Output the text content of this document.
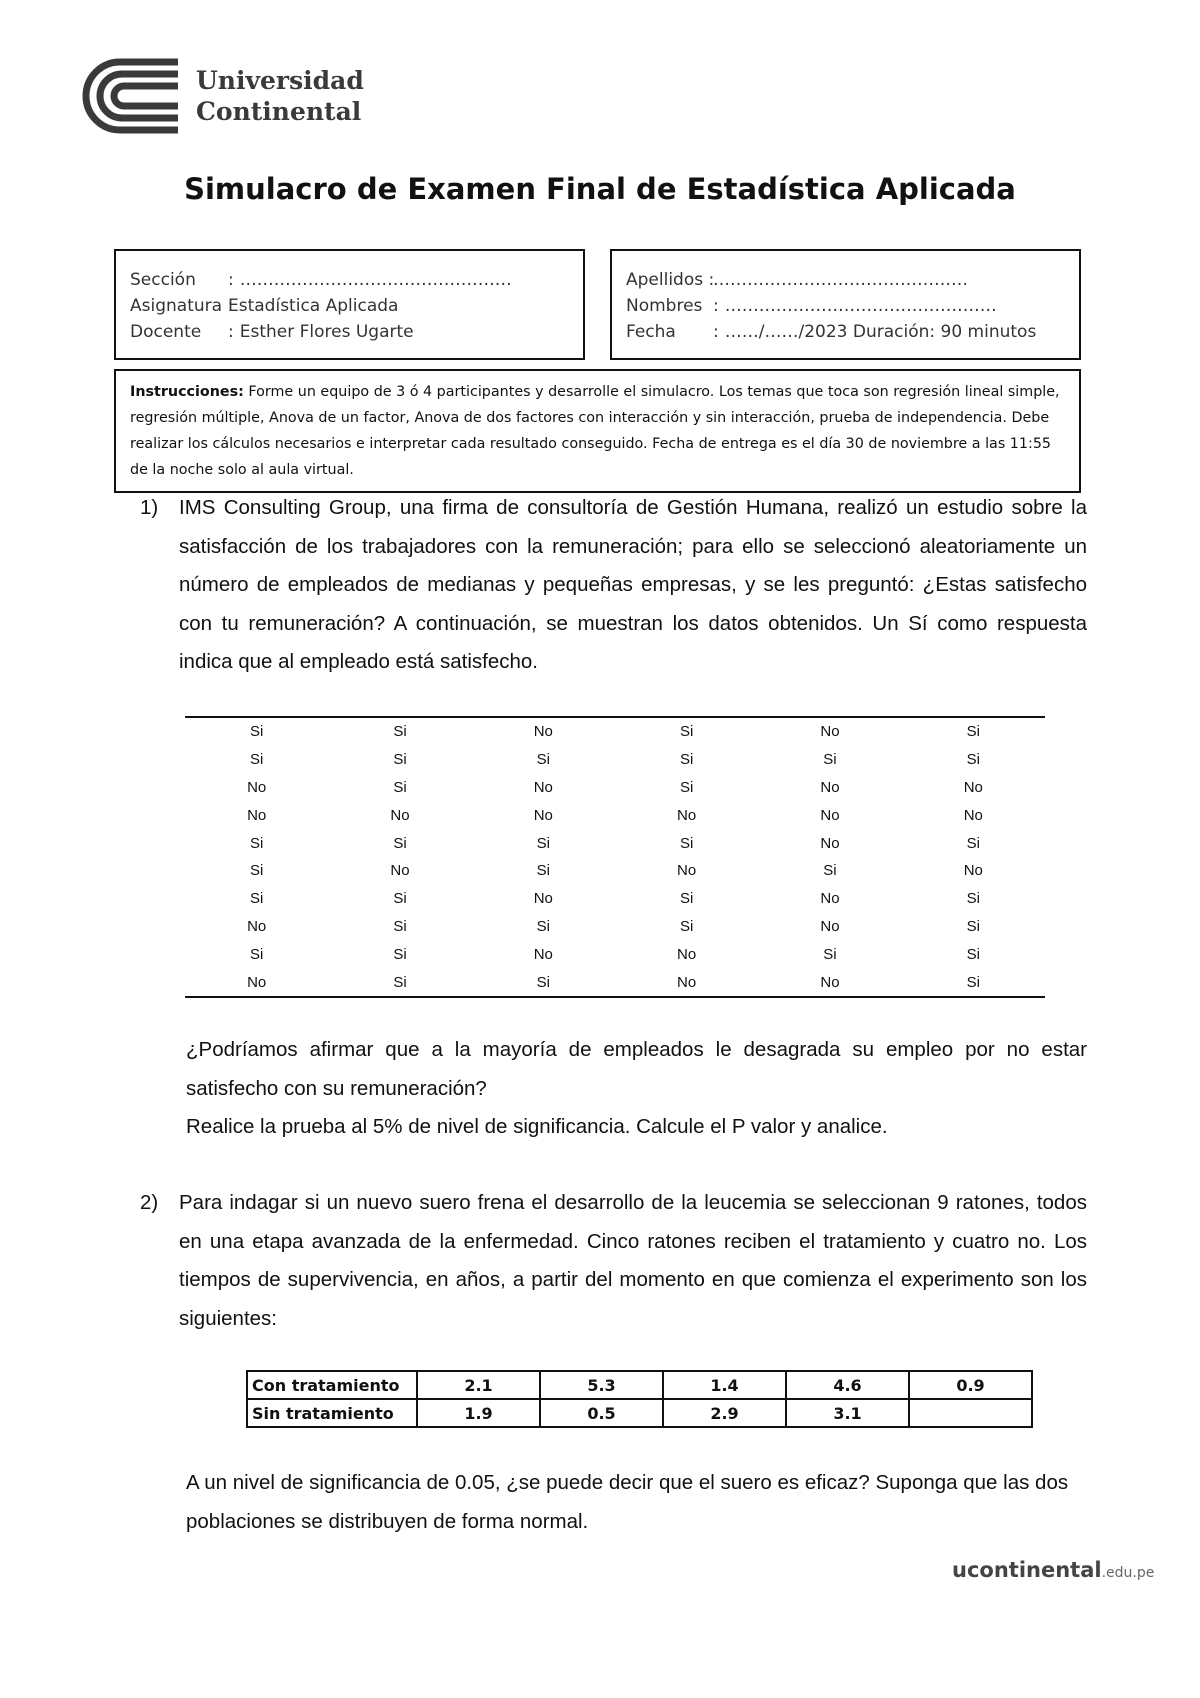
Universidad
Continental
Simulacro de Examen Final de Estadística Aplicada
Sección	: …………………………………………
Asignatura :
Estadística Aplicada
Docente	: Esther Flores Ugarte
Apellidos :
………………………………………
Nombres : …………………………………………
Fecha	: ……/……/2023 Duración: 90 minutos
Instrucciones: Forme un equipo de 3 ó 4 participantes y desarrolle el simulacro. Los temas que toca son regresión lineal simple, regresión múltiple, Anova de un factor, Anova de dos factores con interacción y sin interacción, prueba de independencia. Debe realizar los cálculos necesarios e interpretar cada resultado conseguido. Fecha de entrega es el día 30 de noviembre a las 11:55 de la noche solo al aula virtual.
1) IMS Consulting Group, una firma de consultoría de Gestión Humana, realizó un estudio sobre la satisfacción de los trabajadores con la remuneración; para ello se seleccionó aleatoriamente un número de empleados de medianas y pequeñas empresas, y se les preguntó: ¿Estas satisfecho con tu remuneración? A continuación, se muestran los datos obtenidos. Un Sí como respuesta indica que al empleado está satisfecho.
Si	Si	No	Si	No	Si
Si	Si	Si	Si	Si	Si
No	Si	No	Si	No	No
No	No	No	No	No	No
Si	Si	Si	Si	No	Si
Si	No	Si	No	Si	No
Si	Si	No	Si	No	Si
No	Si	Si	Si	No	Si
Si	Si	No	No	Si	Si
No	Si	Si	No	No	Si
¿Podríamos afirmar que a la mayoría de empleados le desagrada su empleo por no estar satisfecho con su remuneración?
Realice la prueba al 5% de nivel de significancia. Calcule el P valor y analice.
2) Para indagar si un nuevo suero frena el desarrollo de la leucemia se seleccionan 9 ratones, todos en una etapa avanzada de la enfermedad. Cinco ratones reciben el tratamiento y cuatro no. Los tiempos de supervivencia, en años, a partir del momento en que comienza el experimento son los siguientes:
Con tratamiento	2.1	5.3	1.4	4.6	0.9
Sin tratamiento	1.9	0.5	2.9	3.1	
A un nivel de significancia de 0.05, ¿se puede decir que el suero es eficaz? Suponga que las dos poblaciones se distribuyen de forma normal.
ucontinental.edu.pe
